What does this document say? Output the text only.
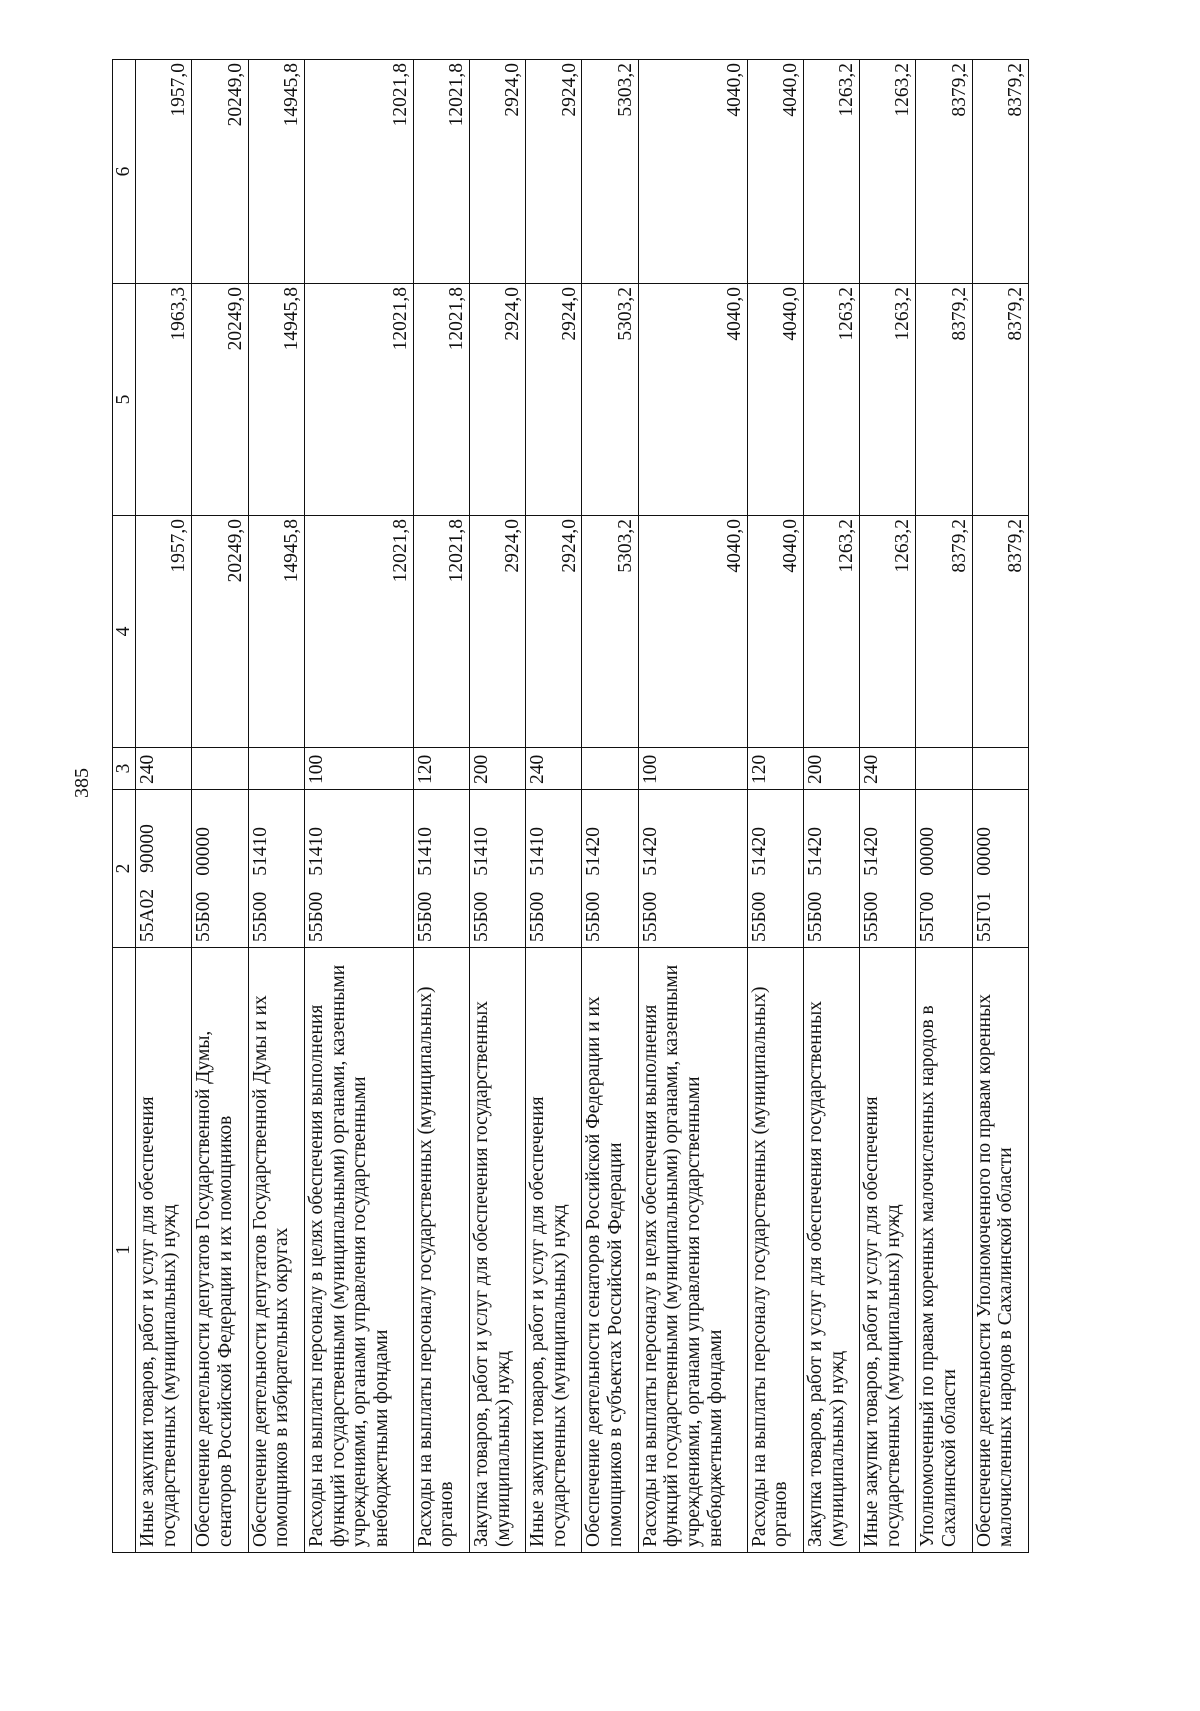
385
1	2	3	4	5	6
Иные закупки товаров, работ и услуг для обеспечения государственных (муниципальных) нужд	55А0290000	240	1957,0	1963,3	1957,0
Обеспечение деятельности депутатов Государственной Думы, сенаторов Российской Федерации и их помощников	55Б0000000		20249,0	20249,0	20249,0
Обеспечение деятельности депутатов Государственной Думы и их помощников в избирательных округах	55Б0051410		14945,8	14945,8	14945,8
Расходы на выплаты персоналу в целях обеспечения выполнения функций государственными (муниципальными) органами, казенными учреждениями, органами управления государственными внебюджетными фондами	55Б0051410	100	12021,8	12021,8	12021,8
Расходы на выплаты персоналу государственных (муниципальных) органов	55Б0051410	120	12021,8	12021,8	12021,8
Закупка товаров, работ и услуг для обеспечения государственных (муниципальных) нужд	55Б0051410	200	2924,0	2924,0	2924,0
Иные закупки товаров, работ и услуг для обеспечения государственных (муниципальных) нужд	55Б0051410	240	2924,0	2924,0	2924,0
Обеспечение деятельности сенаторов Российской Федерации и их помощников в субъектах Российской Федерации	55Б0051420		5303,2	5303,2	5303,2
Расходы на выплаты персоналу в целях обеспечения выполнения функций государственными (муниципальными) органами, казенными учреждениями, органами управления государственными внебюджетными фондами	55Б0051420	100	4040,0	4040,0	4040,0
Расходы на выплаты персоналу государственных (муниципальных) органов	55Б0051420	120	4040,0	4040,0	4040,0
Закупка товаров, работ и услуг для обеспечения государственных (муниципальных) нужд	55Б0051420	200	1263,2	1263,2	1263,2
Иные закупки товаров, работ и услуг для обеспечения государственных (муниципальных) нужд	55Б0051420	240	1263,2	1263,2	1263,2
Уполномоченный по правам коренных малочисленных народов в Сахалинской области	55Г0000000		8379,2	8379,2	8379,2
Обеспечение деятельности Уполномоченного по правам коренных малочисленных народов в Сахалинской области	55Г0100000		8379,2	8379,2	8379,2
